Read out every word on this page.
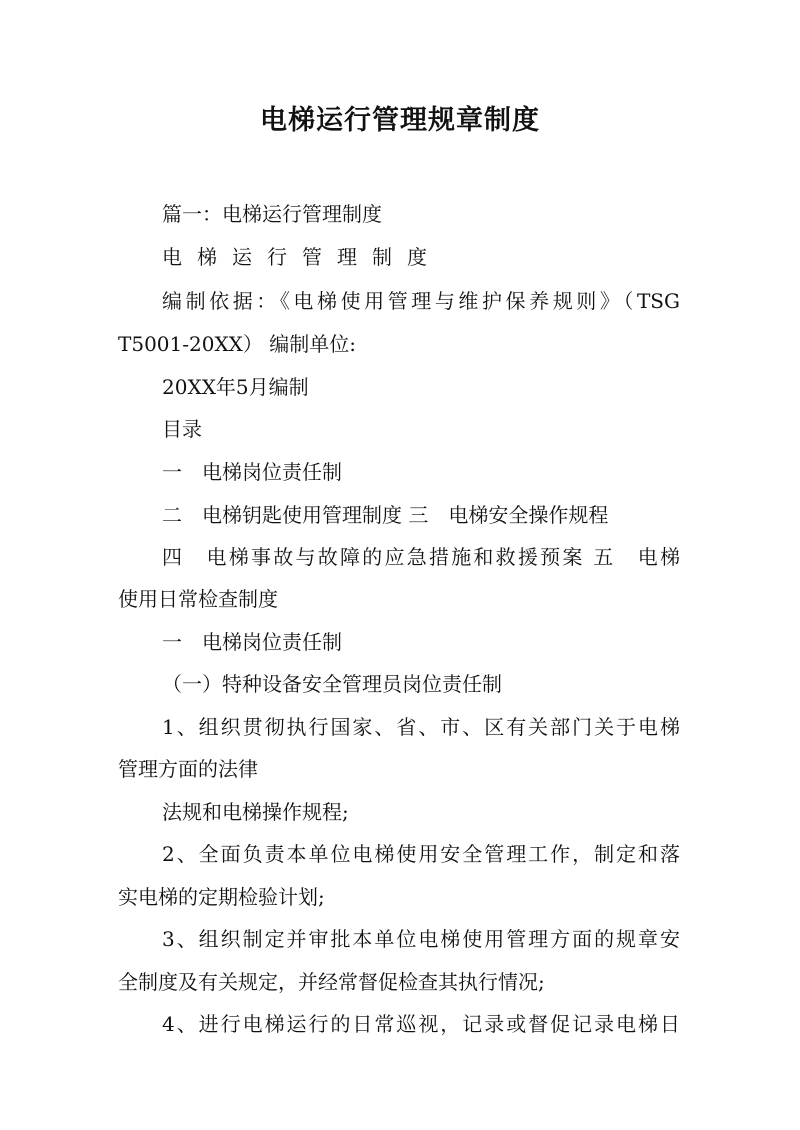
电梯运行管理规章制度

篇一：电梯运行管理制度

电梯运行管理制度

编制依据：《电梯使用管理与维护保养规则》（TSG

T5001-20XX） 编制单位:

20XX年5月编制

目录

一　电梯岗位责任制

二　电梯钥匙使用管理制度 三　电梯安全操作规程

四　电梯事故与故障的应急措施和救援预案 五　电梯

使用日常检查制度

一　电梯岗位责任制

（一）特种设备安全管理员岗位责任制

1、组织贯彻执行国家、省、市、区有关部门关于电梯

管理方面的法律

法规和电梯操作规程;

2、全面负责本单位电梯使用安全管理工作，制定和落

实电梯的定期检验计划;

3、组织制定并审批本单位电梯使用管理方面的规章安

全制度及有关规定，并经常督促检查其执行情况;

4、进行电梯运行的日常巡视，记录或督促记录电梯日
